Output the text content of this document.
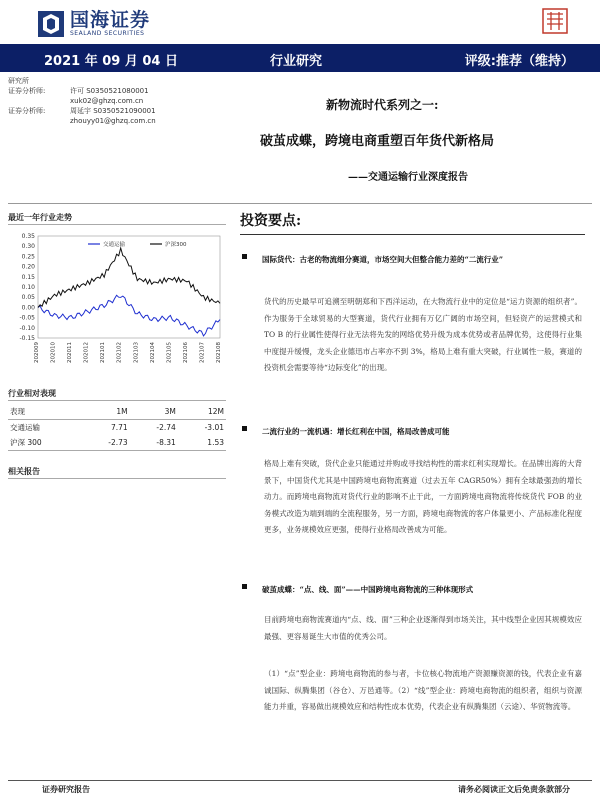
国海证券
SEALAND SECURITIES
2021 年 09 月 04 日	行业研究	评级:推荐（维持）
研究所
证券分析师:	许可 S0350521080001
xuk02@ghzq.com.cn
证券分析师:	周延宇 S0350521090001
zhouyy01@ghzq.com.cn
新物流时代系列之一:
破茧成蝶，跨境电商重塑百年货代新格局
——交通运输行业深度报告
最近一年行业走势
0.35
0.30
0.25
0.20
0.15
0.10
0.05
0.00
-0.05
-0.10
-0.15
202009 202010 202011 202012 202101 202102 202103 202104 202105 202106 202107 202108
交通运输	沪深300
行业相对表现
表现	1M	3M	12M
交通运输	7.71	-2.74	-3.01
沪深 300	-2.73	-8.31	1.53
相关报告
投资要点:
国际货代：古老的物流细分赛道，市场空间大但整合能力差的“二流行业”
货代的历史最早可追溯至明朝郑和下西洋运动，在大物流行业中的定位是“运力资源的组织者”。作为服务于全球贸易的大型赛道，货代行业拥有万亿广阔的市场空间，但轻资产的运营模式和 TO B 的行业属性使得行业无法将先发的网络优势升级为成本优势或者品牌优势，这使得行业集中度提升缓慢，龙头企业德迅市占率亦不到 3%，格局上难有重大突破，行业属性一般，赛道的投资机会需要等待“边际变化”的出现。
二流行业的一流机遇：增长红利在中国，格局改善成可能
格局上难有突破，货代企业只能通过并购或寻找结构性的需求红利实现增长。在品牌出海的大背景下，中国货代尤其是中国跨境电商物流赛道（过去五年 CAGR50%）拥有全球最强劲的增长动力。而跨境电商物流对货代行业的影响不止于此，一方面跨境电商物流将传统货代 FOB 的业务模式改造为端到端的全流程服务，另一方面，跨境电商物流的客户体量更小、产品标准化程度更多，业务规模效应更强，使得行业格局改善成为可能。
破茧成蝶：“点、线、面”——中国跨境电商物流的三种体现形式
目前跨境电商物流赛道内“点、线、面”三种企业逐渐得到市场关注，其中线型企业因其规模效应最强、更容易诞生大市值的优秀公司。
（1）“点”型企业：跨境电商物流的参与者，卡位核心物流地产资源赚资源的钱，代表企业有嘉诚国际、纵腾集团（谷仓）、万邑通等。（2）“线”型企业：跨境电商物流的组织者，组织与资源能力并重，容易做出规模效应和结构性成本优势，代表企业有纵腾集团（云途）、华贸物流等。
证券研究报告	请务必阅读正文后免责条款部分
